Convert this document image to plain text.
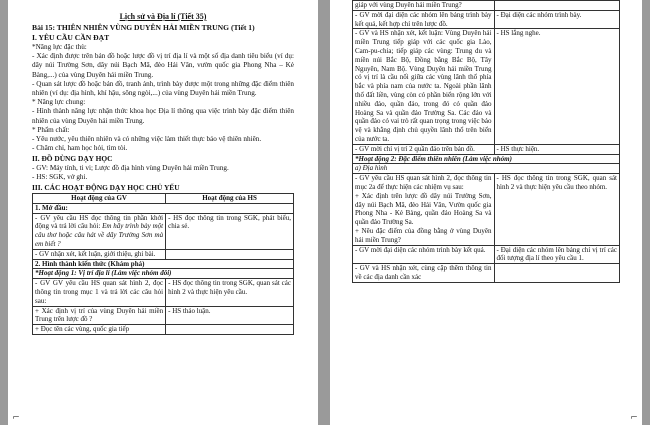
Lịch sử và Địa lí (Tiết 35)

Bài 15: THIÊN NHIÊN VÙNG DUYÊN HẢI MIỀN TRUNG (Tiết 1)

I. YÊU CẦU CẦN ĐẠT

*Năng lực đặc thù:

- Xác định được trên bản đồ hoặc lược đồ vị trí địa lí và một số địa danh tiêu biểu (ví dụ: dãy núi Trường Sơn, dãy núi Bạch Mã, đèo Hải Vân, vườn quốc gia Phong Nha – Kẻ Bàng,...) của vùng Duyên hải miền Trung.

- Quan sát lược đồ hoặc bản đồ, tranh ảnh, trình bày được một trong những đặc điểm thiên nhiên (ví dụ: địa hình, khí hậu, sông ngòi,...) của vùng Duyên hải miền Trung.

* Năng lực chung:

- Hình thành năng lực nhận thức khoa học Địa lí thông qua việc trình bày đặc điểm thiên nhiên của vùng Duyên hải miền Trung.

* Phẩm chất:

- Yêu nước, yêu thiên nhiên và có những việc làm thiết thực bảo vệ thiên nhiên.

- Chăm chỉ, ham học hỏi, tìm tòi.

II. ĐỒ DÙNG DẠY HỌC

- GV: Máy tính, ti vi; Lược đồ địa hình vùng Duyên hải miền Trung.

- HS: SGK, vở ghi.

III. CÁC HOẠT ĐỘNG DẠY HỌC CHỦ YẾU

Hoạt động của GV	Hoạt động của HS
1. Mở đầu:	
- GV yêu cầu HS đọc thông tin phần khởi động và trả lời câu hỏi: Em hãy trình bày một câu thơ hoặc câu hát về dãy Trường Sơn mà em biết ?	- HS đọc thông tin trong SGK, phát biểu, chia sẻ.
- GV nhận xét, kết luận, giới thiệu, ghi bài.	
2. Hình thành kiến thức (Khám phá)	
*Hoạt động 1: Vị trí địa lí (Làm việc nhóm đôi)	
- GV GV yêu cầu HS quan sát hình 2, đọc thông tin trong mục 1 và trả lời các câu hỏi sau:	- HS đọc thông tin trong SGK, quan sát các hình 2 và thực hiện yêu cầu.
+ Xác định vị trí của vùng Duyên hải miền Trung trên lược đồ ?	- HS thảo luận.
+ Đọc tên các vùng, quốc gia tiếp	
⌐
giáp với vùng Duyên hải miền Trung?	
- GV mời đại diện các nhóm lên bảng trình bày kết quả, kết hợp chỉ trên lược đồ.	- Đại diện các nhóm trình bày.
- GV và HS nhận xét, kết luận: Vùng Duyên hải miền Trung tiếp giáp với các quốc gia Lào, Cam-pu-chia; tiếp giáp các vùng: Trung du và miền núi Bắc Bộ, Đồng bằng Bắc Bộ, Tây Nguyên, Nam Bộ. Vùng Duyên hải miền Trung có vị trí là cầu nối giữa các vùng lãnh thổ phía bắc và phía nam của nước ta. Ngoài phần lãnh thổ đất liền, vùng còn có phần biển rộng lớn với nhiều đảo, quần đảo, trong đó có quần đảo Hoàng Sa và quần đảo Trường Sa. Các đảo và quần đảo có vai trò rất quan trọng trong việc bảo vệ và khẳng định chủ quyền lãnh thổ trên biển của nước ta.	- HS lắng nghe.
- GV mời chỉ vị trí 2 quần đảo trên bản đồ.	- HS thực hiện.
*Hoạt động 2: Đặc điểm thiên nhiên (Làm việc nhóm)	
a) Địa hình	

- GV yêu cầu HS quan sát hình 2, đọc thông tin mục 2a để thực hiện các nhiệm vụ sau:
+ Xác định trên lược đồ dãy núi Trường Sơn, dãy núi Bạch Mã, đèo Hải Vân, Vườn quốc gia Phong Nha - Kẻ Bàng, quần đảo Hoàng Sa và quần đảo Trường Sa.
+ Nêu đặc điểm của đồng bằng ở vùng Duyên hải miền Trung?	- HS đọc thông tin trong SGK, quan sát hình 2 và thực hiện yêu cầu theo nhóm.
- GV mời đại diện các nhóm trình bày kết quả.	- Đại diện các nhóm lên bảng chỉ vị trí các đối tượng địa lí theo yêu cầu 1.
- GV và HS nhận xét, cùng cặp thêm thông tin về các địa danh cần xác	
⌐
